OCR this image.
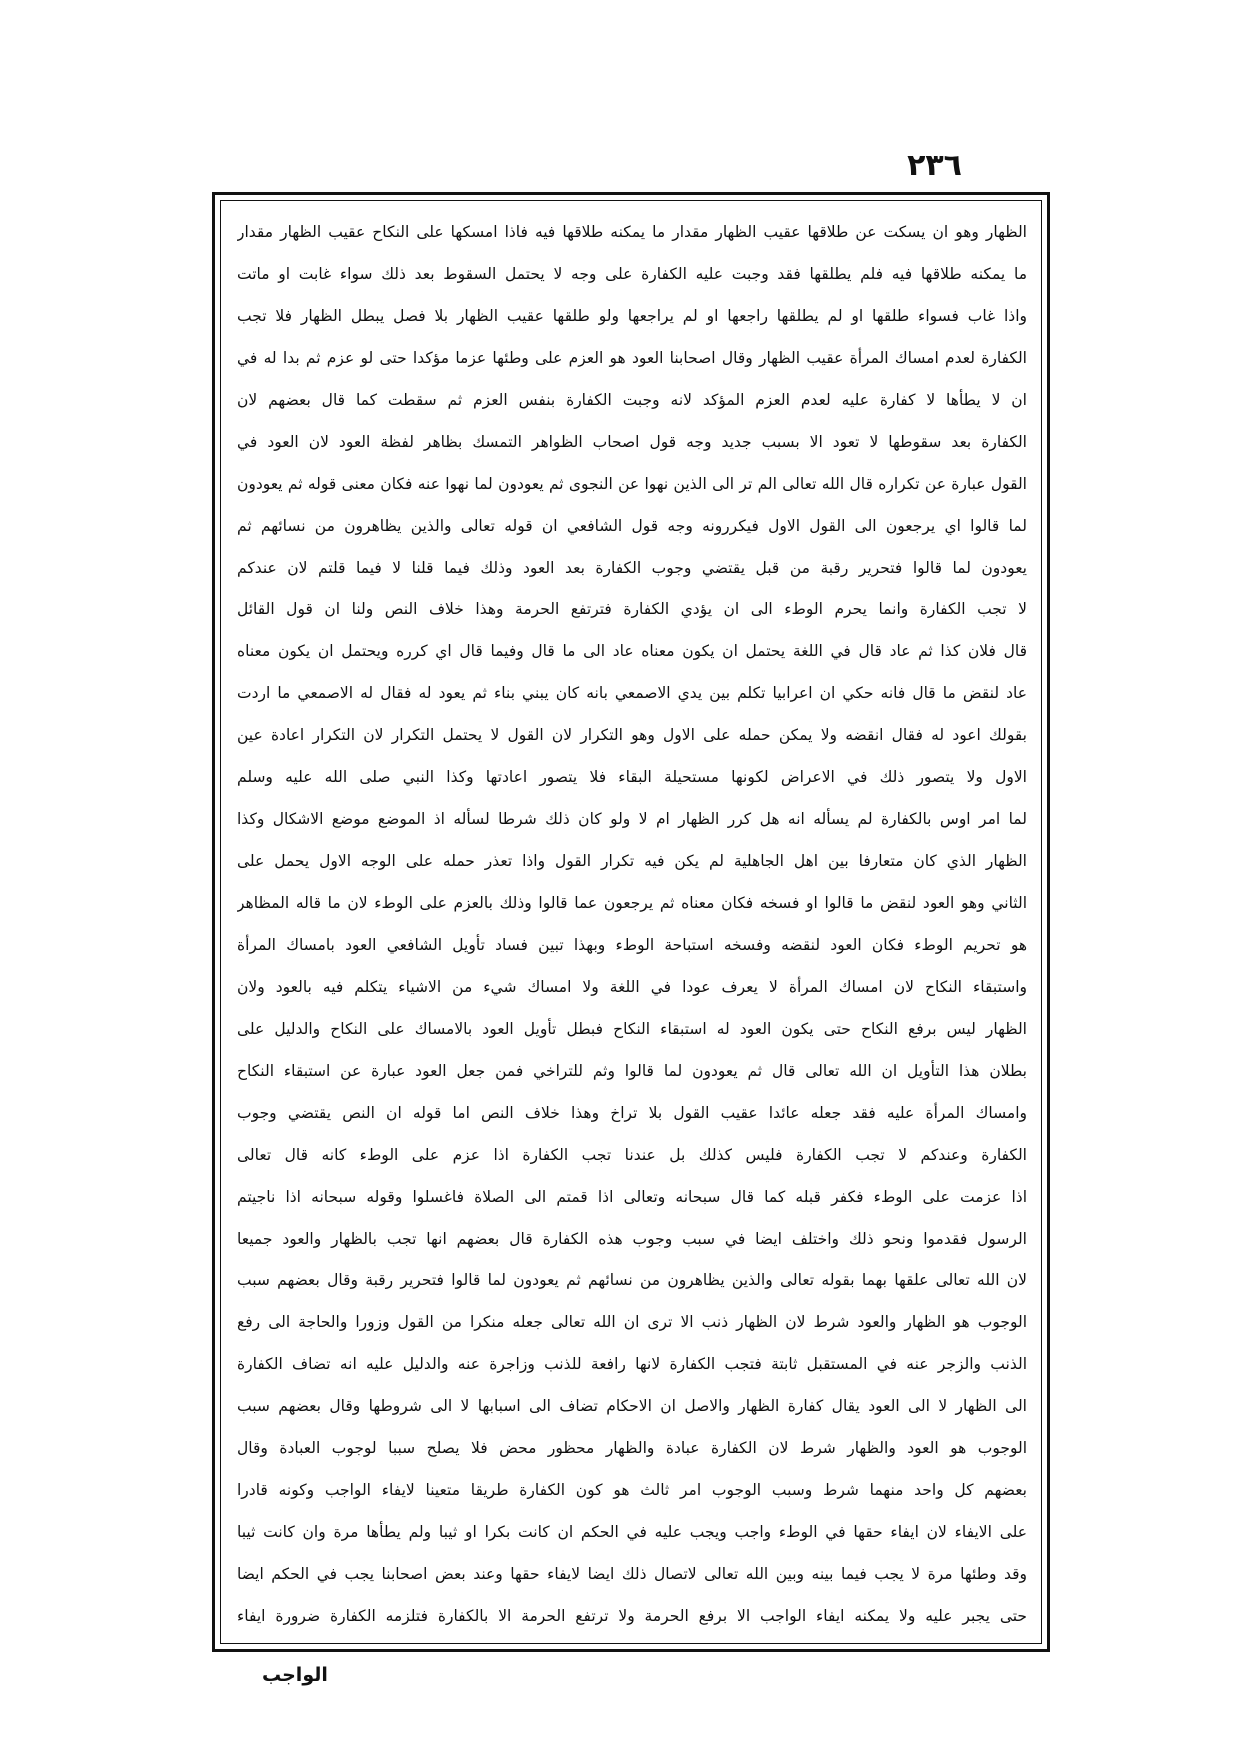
٢٣٦
الظهار وهو ان يسكت عن طلاقها عقيب الظهار مقدار ما يمكنه طلاقها فيه فاذا امسكها على النكاح عقيب الظهار مقدار
ما يمكنه طلاقها فيه فلم يطلقها فقد وجبت عليه الكفارة على وجه لا يحتمل السقوط بعد ذلك سواء غابت او ماتت
واذا غاب فسواء طلقها او لم يطلقها راجعها او لم يراجعها ولو طلقها عقيب الظهار بلا فصل يبطل الظهار فلا تجب
الكفارة لعدم امساك المرأة عقيب الظهار وقال اصحابنا العود هو العزم على وطئها عزما مؤكدا حتى لو عزم ثم بدا له في
ان لا يطأها لا كفارة عليه لعدم العزم المؤكد لانه وجبت الكفارة بنفس العزم ثم سقطت كما قال بعضهم لان
الكفارة بعد سقوطها لا تعود الا بسبب جديد وجه قول اصحاب الظواهر التمسك بظاهر لفظة العود لان العود في
القول عبارة عن تكراره قال الله تعالى الم تر الى الذين نهوا عن النجوى ثم يعودون لما نهوا عنه فكان معنى قوله ثم يعودون
لما قالوا اي يرجعون الى القول الاول فيكررونه وجه قول الشافعي ان قوله تعالى والذين يظاهرون من نسائهم ثم
يعودون لما قالوا فتحرير رقبة من قبل يقتضي وجوب الكفارة بعد العود وذلك فيما قلنا لا فيما قلتم لان عندكم
لا تجب الكفارة وانما يحرم الوطء الى ان يؤدي الكفارة فترتفع الحرمة وهذا خلاف النص ولنا ان قول القائل
قال فلان كذا ثم عاد قال في اللغة يحتمل ان يكون معناه عاد الى ما قال وفيما قال اي كرره ويحتمل ان يكون معناه
عاد لنقض ما قال فانه حكي ان اعرابيا تكلم بين يدي الاصمعي بانه كان يبني بناء ثم يعود له فقال له الاصمعي ما اردت
بقولك اعود له فقال انقضه ولا يمكن حمله على الاول وهو التكرار لان القول لا يحتمل التكرار لان التكرار اعادة عين
الاول ولا يتصور ذلك في الاعراض لكونها مستحيلة البقاء فلا يتصور اعادتها وكذا النبي صلى الله عليه وسلم
لما امر اوس بالكفارة لم يسأله انه هل كرر الظهار ام لا ولو كان ذلك شرطا لسأله اذ الموضع موضع الاشكال وكذا
الظهار الذي كان متعارفا بين اهل الجاهلية لم يكن فيه تكرار القول واذا تعذر حمله على الوجه الاول يحمل على
الثاني وهو العود لنقض ما قالوا او فسخه فكان معناه ثم يرجعون عما قالوا وذلك بالعزم على الوطء لان ما قاله المظاهر
هو تحريم الوطء فكان العود لنقضه وفسخه استباحة الوطء وبهذا تبين فساد تأويل الشافعي العود بامساك المرأة
واستبقاء النكاح لان امساك المرأة لا يعرف عودا في اللغة ولا امساك شيء من الاشياء يتكلم فيه بالعود ولان
الظهار ليس برفع النكاح حتى يكون العود له استبقاء النكاح فبطل تأويل العود بالامساك على النكاح والدليل على
بطلان هذا التأويل ان الله تعالى قال ثم يعودون لما قالوا وثم للتراخي فمن جعل العود عبارة عن استبقاء النكاح
وامساك المرأة عليه فقد جعله عائدا عقيب القول بلا تراخ وهذا خلاف النص اما قوله ان النص يقتضي وجوب
الكفارة وعندكم لا تجب الكفارة فليس كذلك بل عندنا تجب الكفارة اذا عزم على الوطء كانه قال تعالى
اذا عزمت على الوطء فكفر قبله كما قال سبحانه وتعالى اذا قمتم الى الصلاة فاغسلوا وقوله سبحانه اذا ناجيتم
الرسول فقدموا ونحو ذلك واختلف ايضا في سبب وجوب هذه الكفارة قال بعضهم انها تجب بالظهار والعود جميعا
لان الله تعالى علقها بهما بقوله تعالى والذين يظاهرون من نسائهم ثم يعودون لما قالوا فتحرير رقبة وقال بعضهم سبب
الوجوب هو الظهار والعود شرط لان الظهار ذنب الا ترى ان الله تعالى جعله منكرا من القول وزورا والحاجة الى رفع
الذنب والزجر عنه في المستقبل ثابتة فتجب الكفارة لانها رافعة للذنب وزاجرة عنه والدليل عليه انه تضاف الكفارة
الى الظهار لا الى العود يقال كفارة الظهار والاصل ان الاحكام تضاف الى اسبابها لا الى شروطها وقال بعضهم سبب
الوجوب هو العود والظهار شرط لان الكفارة عبادة والظهار محظور محض فلا يصلح سببا لوجوب العبادة وقال
بعضهم كل واحد منهما شرط وسبب الوجوب امر ثالث هو كون الكفارة طريقا متعينا لايفاء الواجب وكونه قادرا
على الايفاء لان ايفاء حقها في الوطء واجب ويجب عليه في الحكم ان كانت بكرا او ثيبا ولم يطأها مرة وان كانت ثيبا
وقد وطئها مرة لا يجب فيما بينه وبين الله تعالى لاتصال ذلك ايضا لايفاء حقها وعند بعض اصحابنا يجب في الحكم ايضا
حتى يجبر عليه ولا يمكنه ايفاء الواجب الا برفع الحرمة ولا ترتفع الحرمة الا بالكفارة فتلزمه الكفارة ضرورة ايفاء
الواجب
